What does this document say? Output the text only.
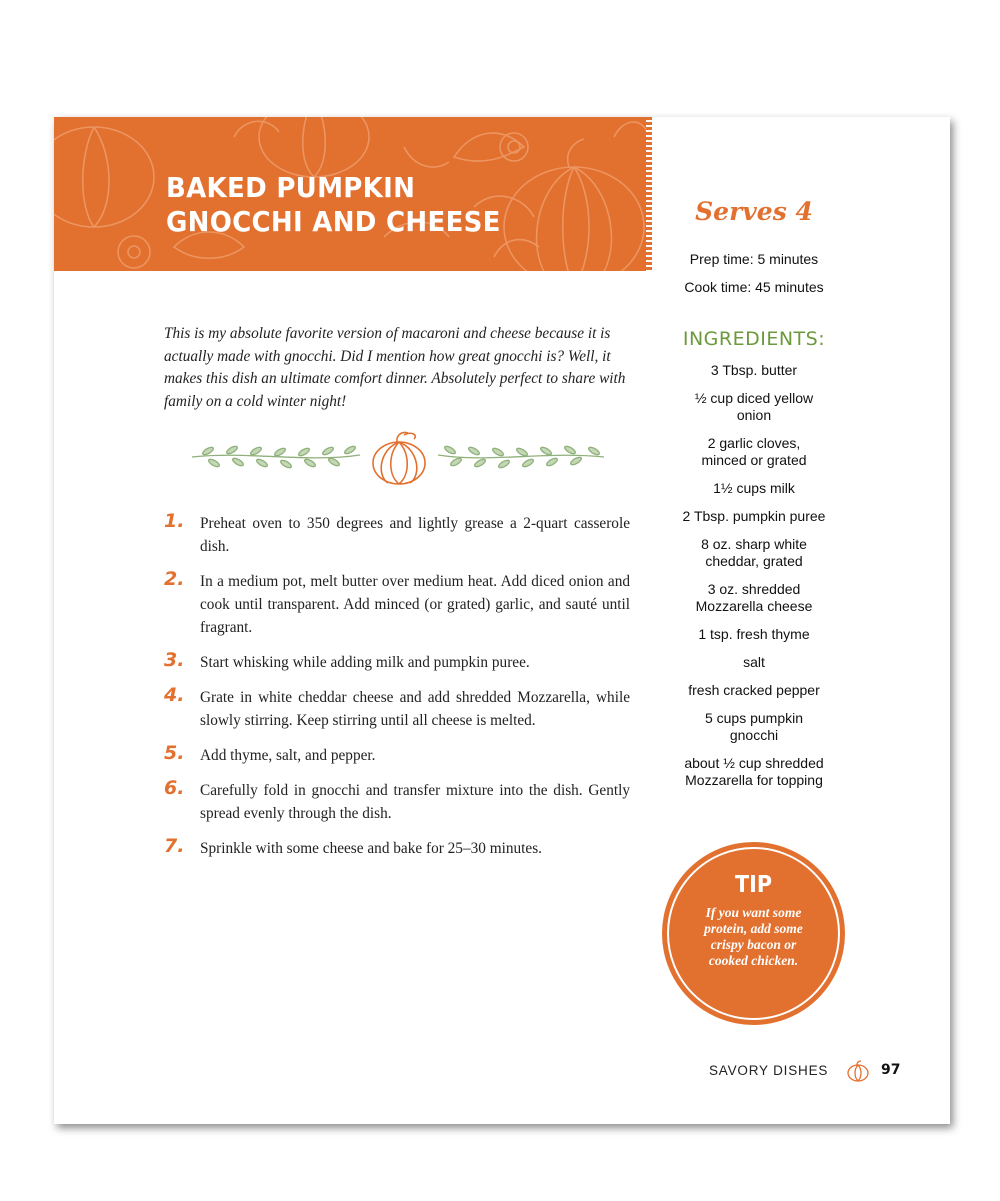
BAKED PUMPKIN
GNOCCHI AND CHEESE

This is my absolute favorite version of macaroni and cheese because it is actually made with gnocchi. Did I mention how great gnocchi is? Well, it makes this dish an ultimate comfort dinner. Absolutely perfect to share with family on a cold winter night!

1. Preheat oven to 350 degrees and lightly grease a 2-quart casserole dish.
2. In a medium pot, melt butter over medium heat. Add diced onion and cook until transparent. Add minced (or grated) garlic, and sauté until fragrant.
3. Start whisking while adding milk and pumpkin puree.
4. Grate in white cheddar cheese and add shredded Mozzarella, while slowly stirring. Keep stirring until all cheese is melted.
5. Add thyme, salt, and pepper.
6. Carefully fold in gnocchi and transfer mixture into the dish. Gently spread evenly through the dish.
7. Sprinkle with some cheese and bake for 25–30 minutes.
Serves 4
Prep time: 5 minutes
Cook time: 45 minutes
INGREDIENTS:
3 Tbsp. butter
½ cup diced yellow onion
2 garlic cloves, minced or grated
1½ cups milk
2 Tbsp. pumpkin puree
8 oz. sharp white cheddar, grated
3 oz. shredded Mozzarella cheese
1 tsp. fresh thyme
salt
fresh cracked pepper
5 cups pumpkin gnocchi
about ½ cup shredded Mozzarella for topping
TIP
If you want some protein, add some crispy bacon or cooked chicken.
SAVORY DISHES	97
